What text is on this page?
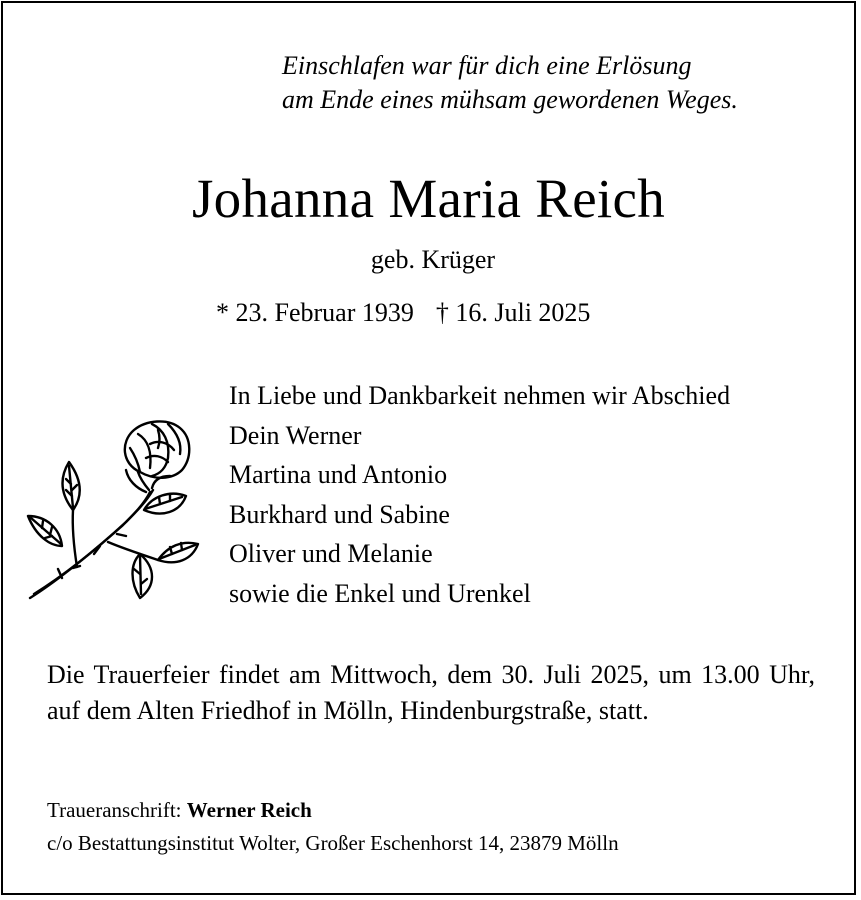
Einschlafen war für dich eine Erlösung
am Ende eines mühsam gewordenen Weges.
Johanna Maria Reich
geb. Krüger
* 23. Februar 1939 † 16. Juli 2025
In Liebe und Dankbarkeit nehmen wir Abschied
Dein Werner
Martina und Antonio
Burkhard und Sabine
Oliver und Melanie
sowie die Enkel und Urenkel
Die Trauerfeier findet am Mittwoch, dem 30. Juli 2025, um 13.00 Uhr, auf dem Alten Friedhof in Mölln, Hindenburgstraße, statt.
Traueranschrift: Werner Reich
c/o Bestattungsinstitut Wolter, Großer Eschenhorst 14, 23879 Mölln
